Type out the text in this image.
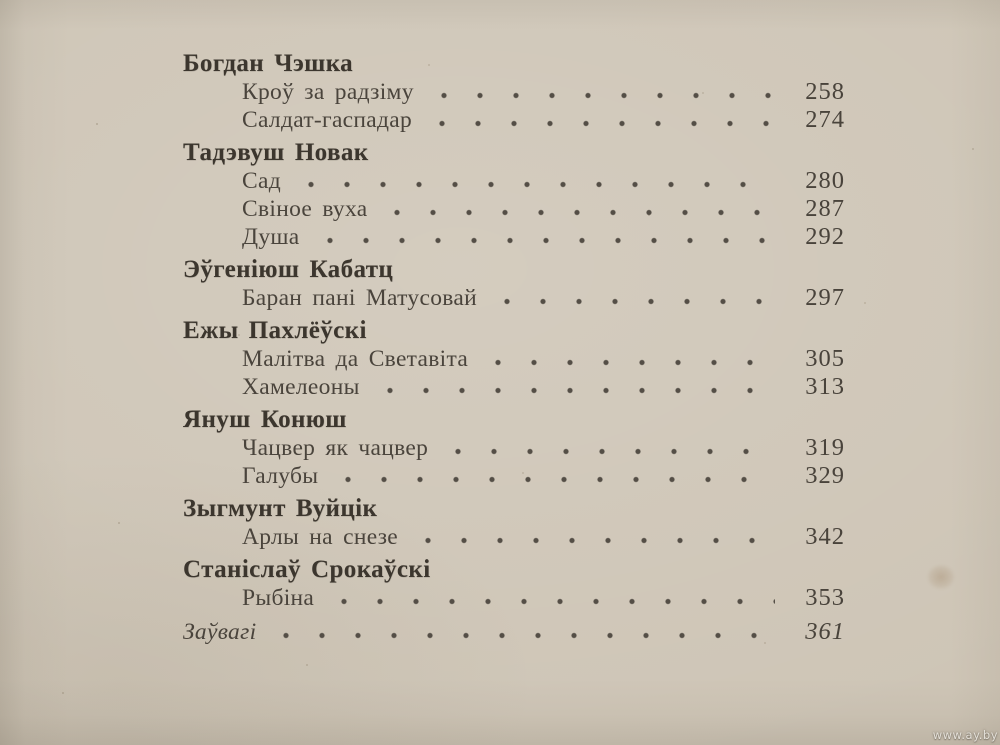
Богдан Чэшка
Кроў за радзіму	258
Салдат-гаспадар	274
Тадэвуш Новак
Сад	280
Свіное вуха	287
Душа	292
Эўгеніюш Кабатц
Баран пані Матусовай	297
Ежы Пахлёўскі
Малітва да Светавіта	305
Хамелеоны	313
Януш Конюш
Чацвер як чацвер	319
Галубы	329
Зыгмунт Вуйцік
Арлы на снезе	342
Станіслаў Срокаўскі
Рыбіна	353
Заўвагі	361
www.ay.by
